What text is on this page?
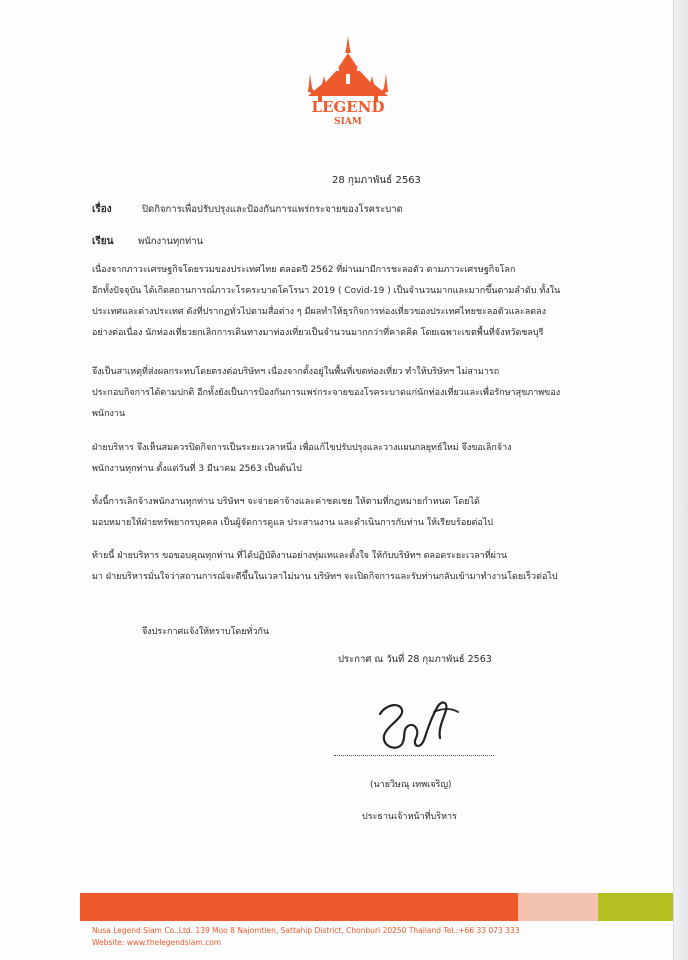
LEGEND
SIAM
28 กุมภาพันธ์ 2563
เรื่อง	ปิดกิจการเพื่อปรับปรุงและป้องกันการแพร่กระจายของโรคระบาด
เรียน	พนักงานทุกท่าน
เนื่องจากภาวะเศรษฐกิจโดยรวมของประเทศไทย ตลอดปี 2562 ที่ผ่านมามีการชะลอตัว ตามภาวะเศรษฐกิจโลก
อีกทั้งปัจจุบัน ได้เกิดสถานการณ์ภาวะโรคระบาดโคโรนา 2019 ( Covid-19 ) เป็นจำนวนมากและมากขึ้นตามลำดับ ทั้งใน
ประเทศและต่างประเทศ ดังที่ปรากฏทั่วไปตามสื่อต่าง ๆ มีผลทำให้ธุรกิจการท่องเที่ยวของประเทศไทยชะลอตัวและลดลง
อย่างต่อเนื่อง นักท่องเที่ยวยกเลิกการเดินทางมาท่องเที่ยวเป็นจำนวนมากกว่าที่คาดคิด โดยเฉพาะเขตพื้นที่จังหวัดชลบุรี
จึงเป็นสาเหตุที่ส่งผลกระทบโดยตรงต่อบริษัทฯ เนื่องจากตั้งอยู่ในพื้นที่เขตท่องเที่ยว ทำให้บริษัทฯ ไม่สามารถ
ประกอบกิจการได้ตามปกติ อีกทั้งยังเป็นการป้องกันการแพร่กระจายของโรคระบาดแก่นักท่องเที่ยวและเพื่อรักษาสุขภาพของ
พนักงาน
ฝ่ายบริหาร จึงเห็นสมควรปิดกิจการเป็นระยะเวลาหนึ่ง เพื่อแก้ไขปรับปรุงและวางแผนกลยุทธ์ใหม่ จึงขอเลิกจ้าง
พนักงานทุกท่าน ตั้งแต่วันที่ 3 มีนาคม 2563 เป็นต้นไป
ทั้งนี้การเลิกจ้างพนักงานทุกท่าน บริษัทฯ จะจ่ายค่าจ้างและค่าชดเชย ให้ตามที่กฎหมายกำหนด โดยได้
มอบหมายให้ฝ่ายทรัพยากรบุคคล เป็นผู้จัดการดูแล ประสานงาน และดำเนินการกับท่าน ให้เรียบร้อยต่อไป
ท้ายนี้ ฝ่ายบริหาร ขอขอบคุณทุกท่าน ที่ได้ปฏิบัติงานอย่างทุ่มเทและตั้งใจ ให้กับบริษัทฯ ตลอดระยะเวลาที่ผ่าน
มา ฝ่ายบริหารมั่นใจว่าสถานการณ์จะดีขึ้นในเวลาไม่นาน บริษัทฯ จะเปิดกิจการและรับท่านกลับเข้ามาทำงานโดยเร็วต่อไป
จึงประกาศแจ้งให้ทราบโดยทั่วกัน
ประกาศ ณ วันที่ 28 กุมภาพันธ์ 2563
(นายวิษณุ เทพเจริญ)
ประธานเจ้าหน้าที่บริหาร
Nusa Legend Siam Co.,Ltd. 139 Moo 8 Najomtien, Sattahip District, Chonburi 20250 Thailand Tel.:+66 33 073 333
Website: www.thelegendsiam.com
